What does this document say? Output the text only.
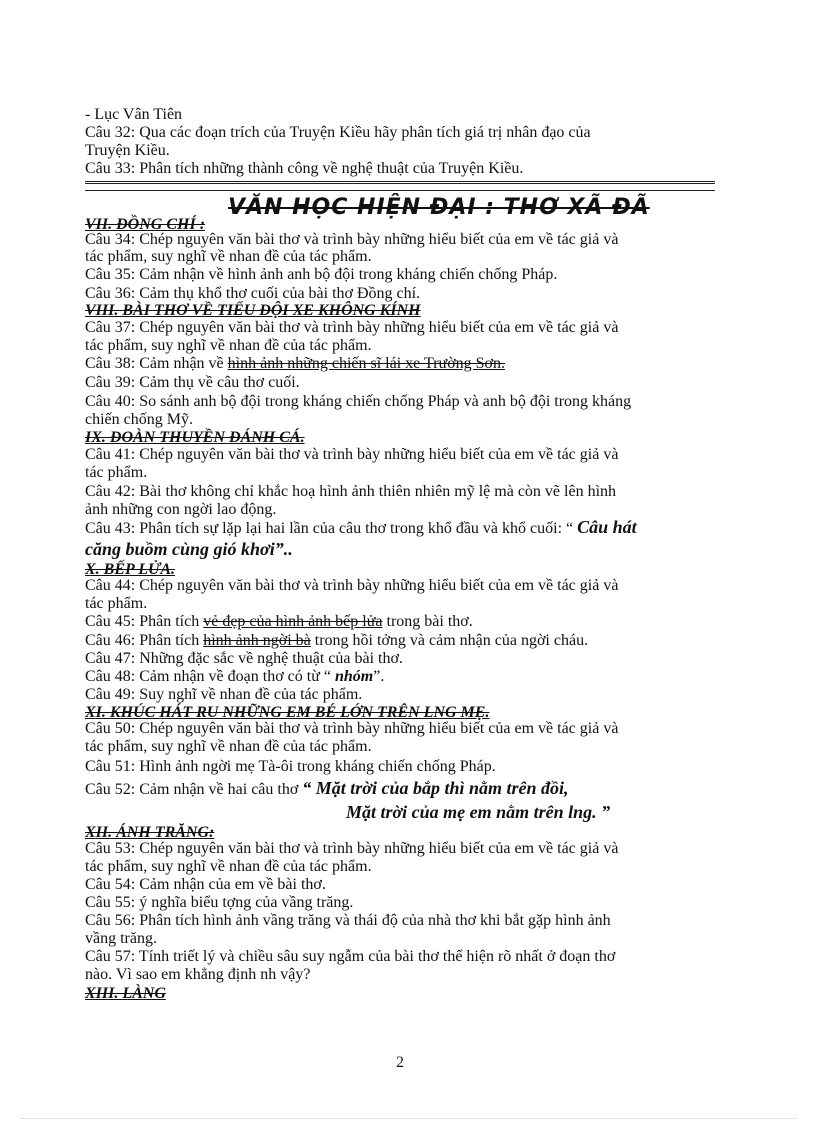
- Lục Vân Tiên
Câu 32: Qua các đoạn trích của Truyện Kiều hãy phân tích giá trị nhân đạo của
Truyện Kiều.
Câu 33: Phân tích những thành công về nghệ thuật của Truyện Kiều.
VĂN HỌC HIỆN ĐẠI : THƠ XÃ ĐÃ
VII. ĐỒNG CHÍ :
Câu 34: Chép nguyên văn bài thơ và trình bày những hiểu biết của em về tác giả và
tác phẩm, suy nghĩ về nhan đề của tác phẩm.
Câu 35: Cảm nhận về hình ảnh anh bộ đội trong kháng chiến chống Pháp.
Câu 36: Cảm thụ khổ thơ cuối của bài thơ Đồng chí.
VIII. BÀI THƠ VỀ TIỂU ĐỘI XE KHÔNG KÍNH
Câu 37: Chép nguyên văn bài thơ và trình bày những hiểu biết của em về tác giả và
tác phẩm, suy nghĩ về nhan đề của tác phẩm.
Câu 38: Cảm nhận về hình ảnh những chiến sĩ lái xe Trường Sơn.
Câu 39: Cảm thụ về câu thơ cuối.
Câu 40: So sánh anh bộ đội trong kháng chiến chống Pháp và anh bộ đội trong kháng
chiến chống Mỹ.
IX. ĐOÀN THUYỀN ĐÁNH CÁ.
Câu 41: Chép nguyên văn bài thơ và trình bày những hiểu biết của em về tác giả và
tác phẩm.
Câu 42: Bài thơ không chỉ khắc hoạ hình ảnh thiên nhiên mỹ lệ mà còn vẽ lên hình
ảnh những con ngời lao động.
Câu 43: Phân tích sự lặp lại hai lần của câu thơ trong khổ đầu và khổ cuối: “ Câu hát
căng buồm cùng gió khơi”..
X. BẾP LỬA.
Câu 44: Chép nguyên văn bài thơ và trình bày những hiểu biết của em về tác giả và
tác phẩm.
Câu 45: Phân tích vẻ đẹp của hình ảnh bếp lửa trong bài thơ.
Câu 46: Phân tích hình ảnh ngời bà trong hồi tởng và cảm nhận của ngời cháu.
Câu 47: Những đặc sắc về nghệ thuật của bài thơ.
Câu 48: Cảm nhận về đoạn thơ có từ “ nhóm”.
Câu 49: Suy nghĩ về nhan đề của tác phẩm.
XI. KHÚC HÁT RU NHỮNG EM BÉ LỚN TRÊN LNG MẸ.
Câu 50: Chép nguyên văn bài thơ và trình bày những hiểu biết của em về tác giả và
tác phẩm, suy nghĩ về nhan đề của tác phẩm.
Câu 51: Hình ảnh ngời mẹ Tà-ôi trong kháng chiến chống Pháp.
Câu 52: Cảm nhận về hai câu thơ “ Mặt trời của bắp thì nằm trên đồi,
Mặt trời của mẹ em nằm trên lng. ”
XII. ÁNH TRĂNG:
Câu 53: Chép nguyên văn bài thơ và trình bày những hiểu biết của em về tác giả và
tác phẩm, suy nghĩ về nhan đề của tác phẩm.
Câu 54: Cảm nhận của em về bài thơ.
Câu 55: ý nghĩa biểu tợng của vầng trăng.
Câu 56: Phân tích hình ảnh vầng trăng và thái độ của nhà thơ khi bắt gặp hình ảnh
vầng trăng.
Câu 57: Tính triết lý và chiều sâu suy ngẫm của bài thơ thể hiện rõ nhất ở đoạn thơ
nào. Vì sao em khẳng định nh vậy?
XIII. LÀNG
2
